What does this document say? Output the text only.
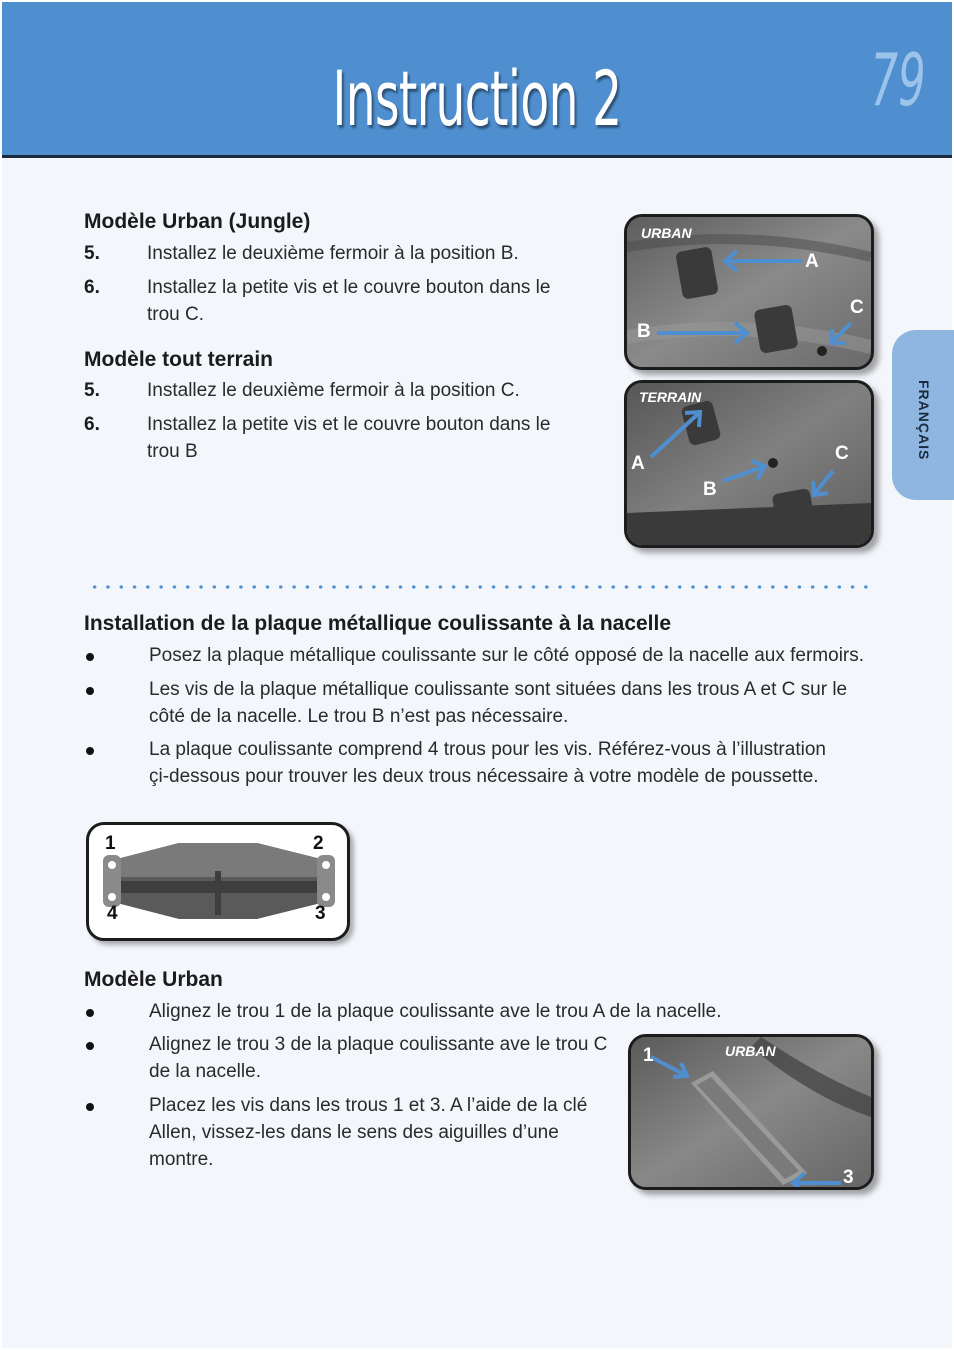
Instruction 2	79
FRANÇAIS
Modèle Urban (Jungle)
5. Installez le deuxième fermoir à la position B.
6. Installez la petite vis et le couvre bouton dans le trou C.
Modèle tout terrain
5. Installez le deuxième fermoir à la position C.
6. Installez la petite vis et le couvre bouton dans le trou B
URBAN
A
B
C
TERRAIN
A
B
C
Installation de la plaque métallique coulissante à la nacelle
Posez la plaque métallique coulissante sur le côté opposé de la nacelle aux fermoirs.
Les vis de la plaque métallique coulissante sont situées dans les trous A et C sur le côté de la nacelle. Le trou B n’est pas nécessaire.
La plaque coulissante comprend 4 trous pour les vis. Référez-vous à l’illustration çi-dessous pour trouver les deux trous nécessaire à votre modèle de poussette.
1	2
3
4
Modèle Urban
Alignez le trou 1 de la plaque coulissante ave le trou A de la nacelle.
Alignez le trou 3 de la plaque coulissante ave le trou C de la nacelle.
Placez les vis dans les trous 1 et 3. A l’aide de la clé Allen, vissez-les dans le sens des aiguilles d’une montre.
URBAN
1
3
